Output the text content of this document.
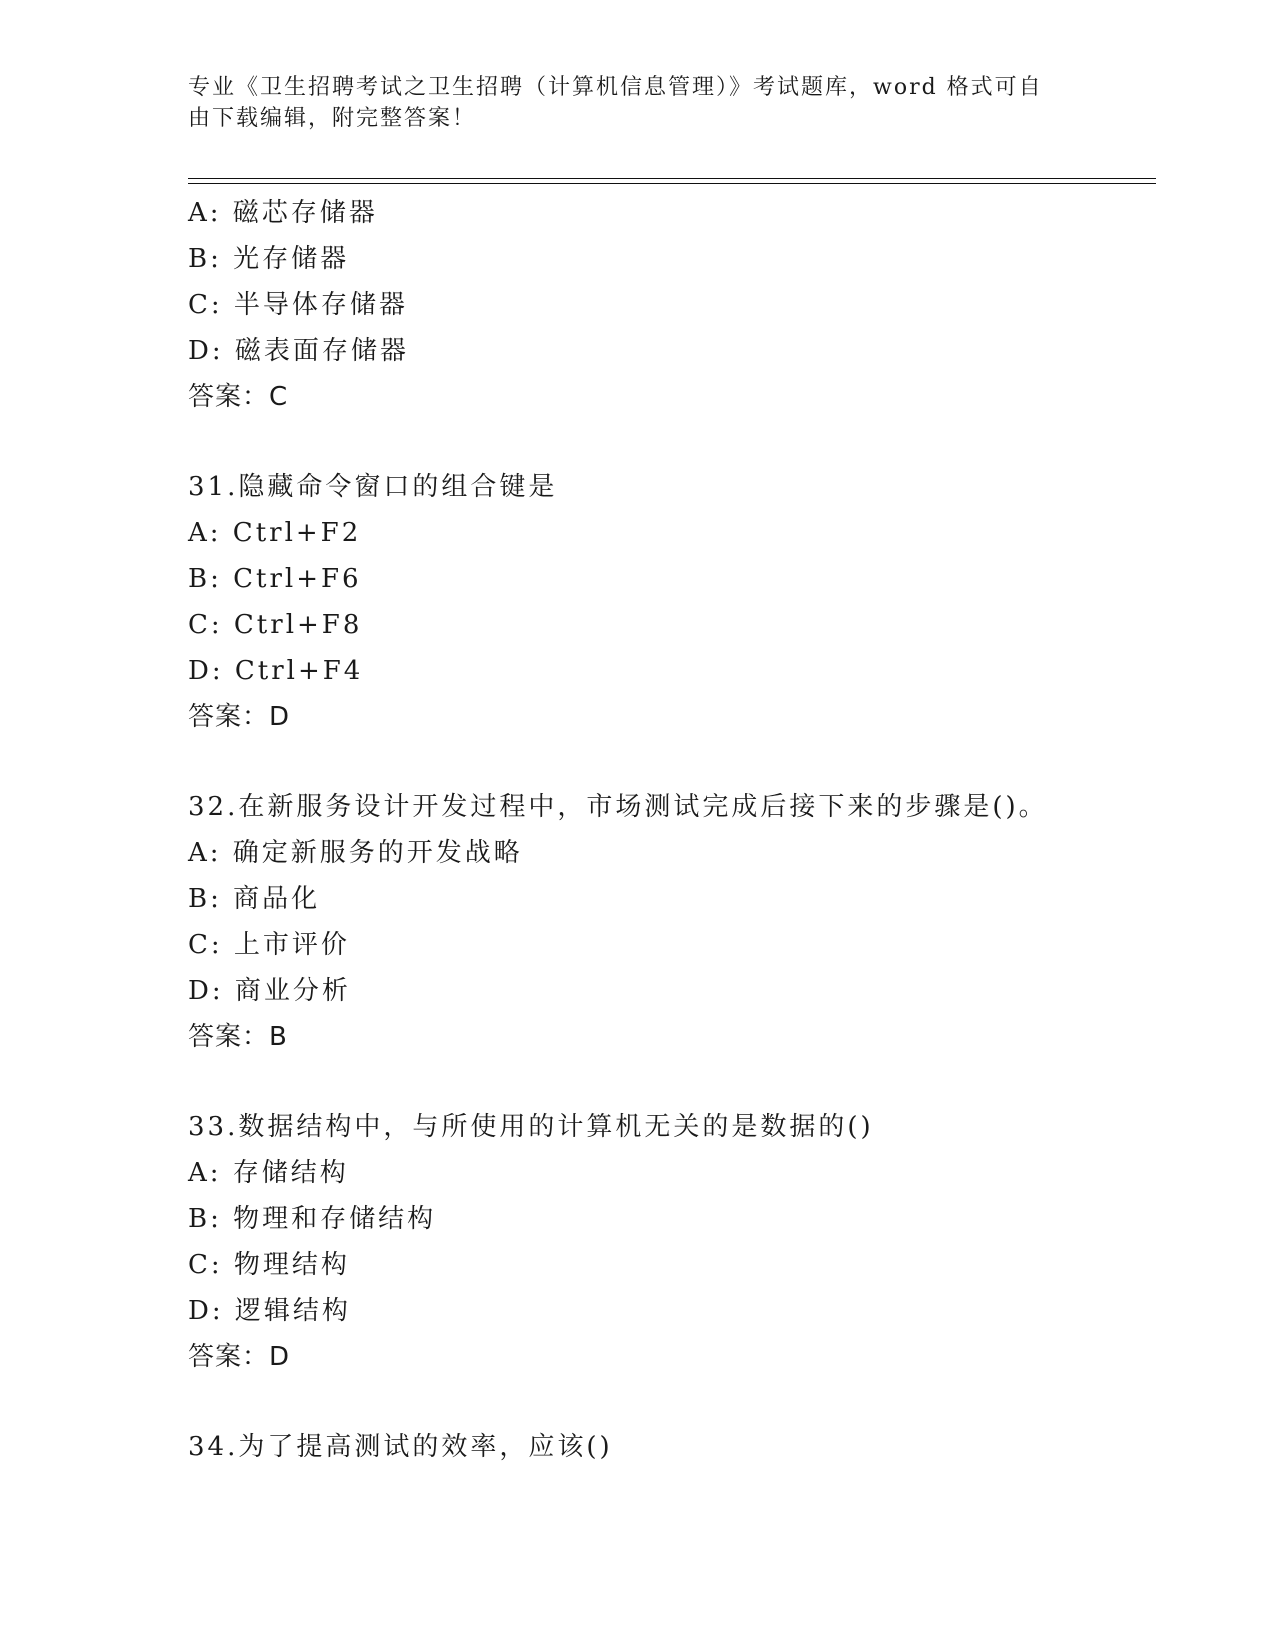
专业《卫生招聘考试之卫生招聘（计算机信息管理）》考试题库，word 格式可自
由下载编辑，附完整答案！
A: 磁芯存储器
B: 光存储器
C: 半导体存储器
D: 磁表面存储器
答案：C
31.隐藏命令窗口的组合键是
A: Ctrl+F2
B: Ctrl+F6
C: Ctrl+F8
D: Ctrl+F4
答案：D
32.在新服务设计开发过程中，市场测试完成后接下来的步骤是()。
A: 确定新服务的开发战略
B: 商品化
C: 上市评价
D: 商业分析
答案：B
33.数据结构中，与所使用的计算机无关的是数据的()
A: 存储结构
B: 物理和存储结构
C: 物理结构
D: 逻辑结构
答案：D
34.为了提高测试的效率，应该()
